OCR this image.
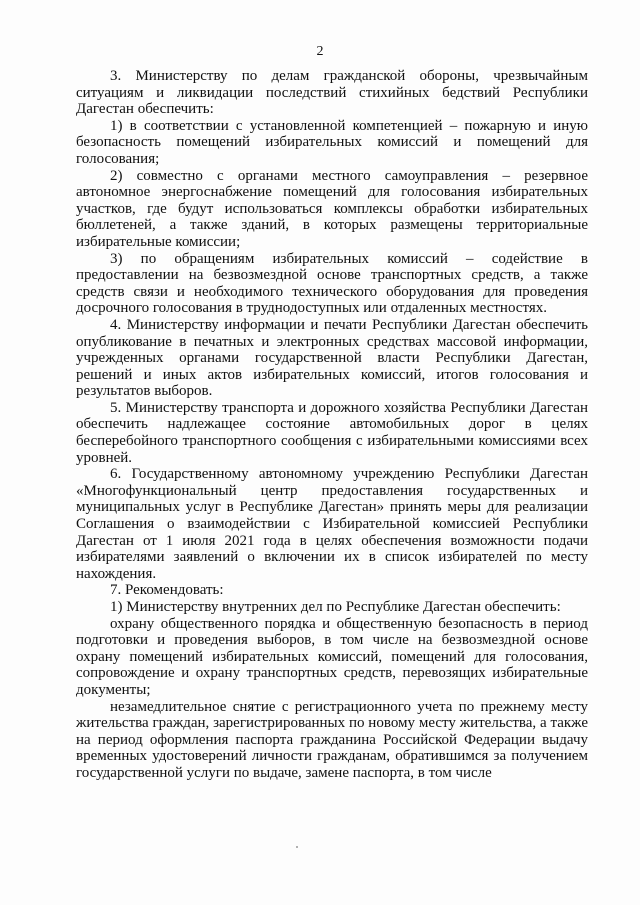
2

3. Министерству по делам гражданской обороны, чрезвычайным ситуациям и ликвидации последствий стихийных бедствий Республики Дагестан обеспечить:

1) в соответствии с установленной компетенцией – пожарную и иную безопасность помещений избирательных комиссий и помещений для голосования;

2) совместно с органами местного самоуправления – резервное автономное энергоснабжение помещений для голосования избирательных участков, где будут использоваться комплексы обработки избирательных бюллетеней, а также зданий, в которых размещены территориальные избирательные комиссии;

3) по обращениям избирательных комиссий – содействие в предоставлении на безвозмездной основе транспортных средств, а также средств связи и необходимого технического оборудования для проведения досрочного голосования в труднодоступных или отдаленных местностях.

4. Министерству информации и печати Республики Дагестан обеспечить опубликование в печатных и электронных средствах массовой информации, учрежденных органами государственной власти Республики Дагестан, решений и иных актов избирательных комиссий, итогов голосования и результатов выборов.

5. Министерству транспорта и дорожного хозяйства Республики Дагестан обеспечить надлежащее состояние автомобильных дорог в целях бесперебойного транспортного сообщения с избирательными комиссиями всех уровней.

6. Государственному автономному учреждению Республики Дагестан «Многофункциональный центр предоставления государственных и муниципальных услуг в Республике Дагестан» принять меры для реализации Соглашения о взаимодействии с Избирательной комиссией Республики Дагестан от 1 июля 2021 года в целях обеспечения возможности подачи избирателями заявлений о включении их в список избирателей по месту нахождения.

7. Рекомендовать:

1) Министерству внутренних дел по Республике Дагестан обеспечить:

охрану общественного порядка и общественную безопасность в период подготовки и проведения выборов, в том числе на безвозмездной основе охрану помещений избирательных комиссий, помещений для голосования, сопровождение и охрану транспортных средств, перевозящих избирательные документы;

незамедлительное снятие с регистрационного учета по прежнему месту жительства граждан, зарегистрированных по новому месту жительства, а также на период оформления паспорта гражданина Российской Федерации выдачу временных удостоверений личности гражданам, обратившимся за получением государственной услуги по выдаче, замене паспорта, в том числе
